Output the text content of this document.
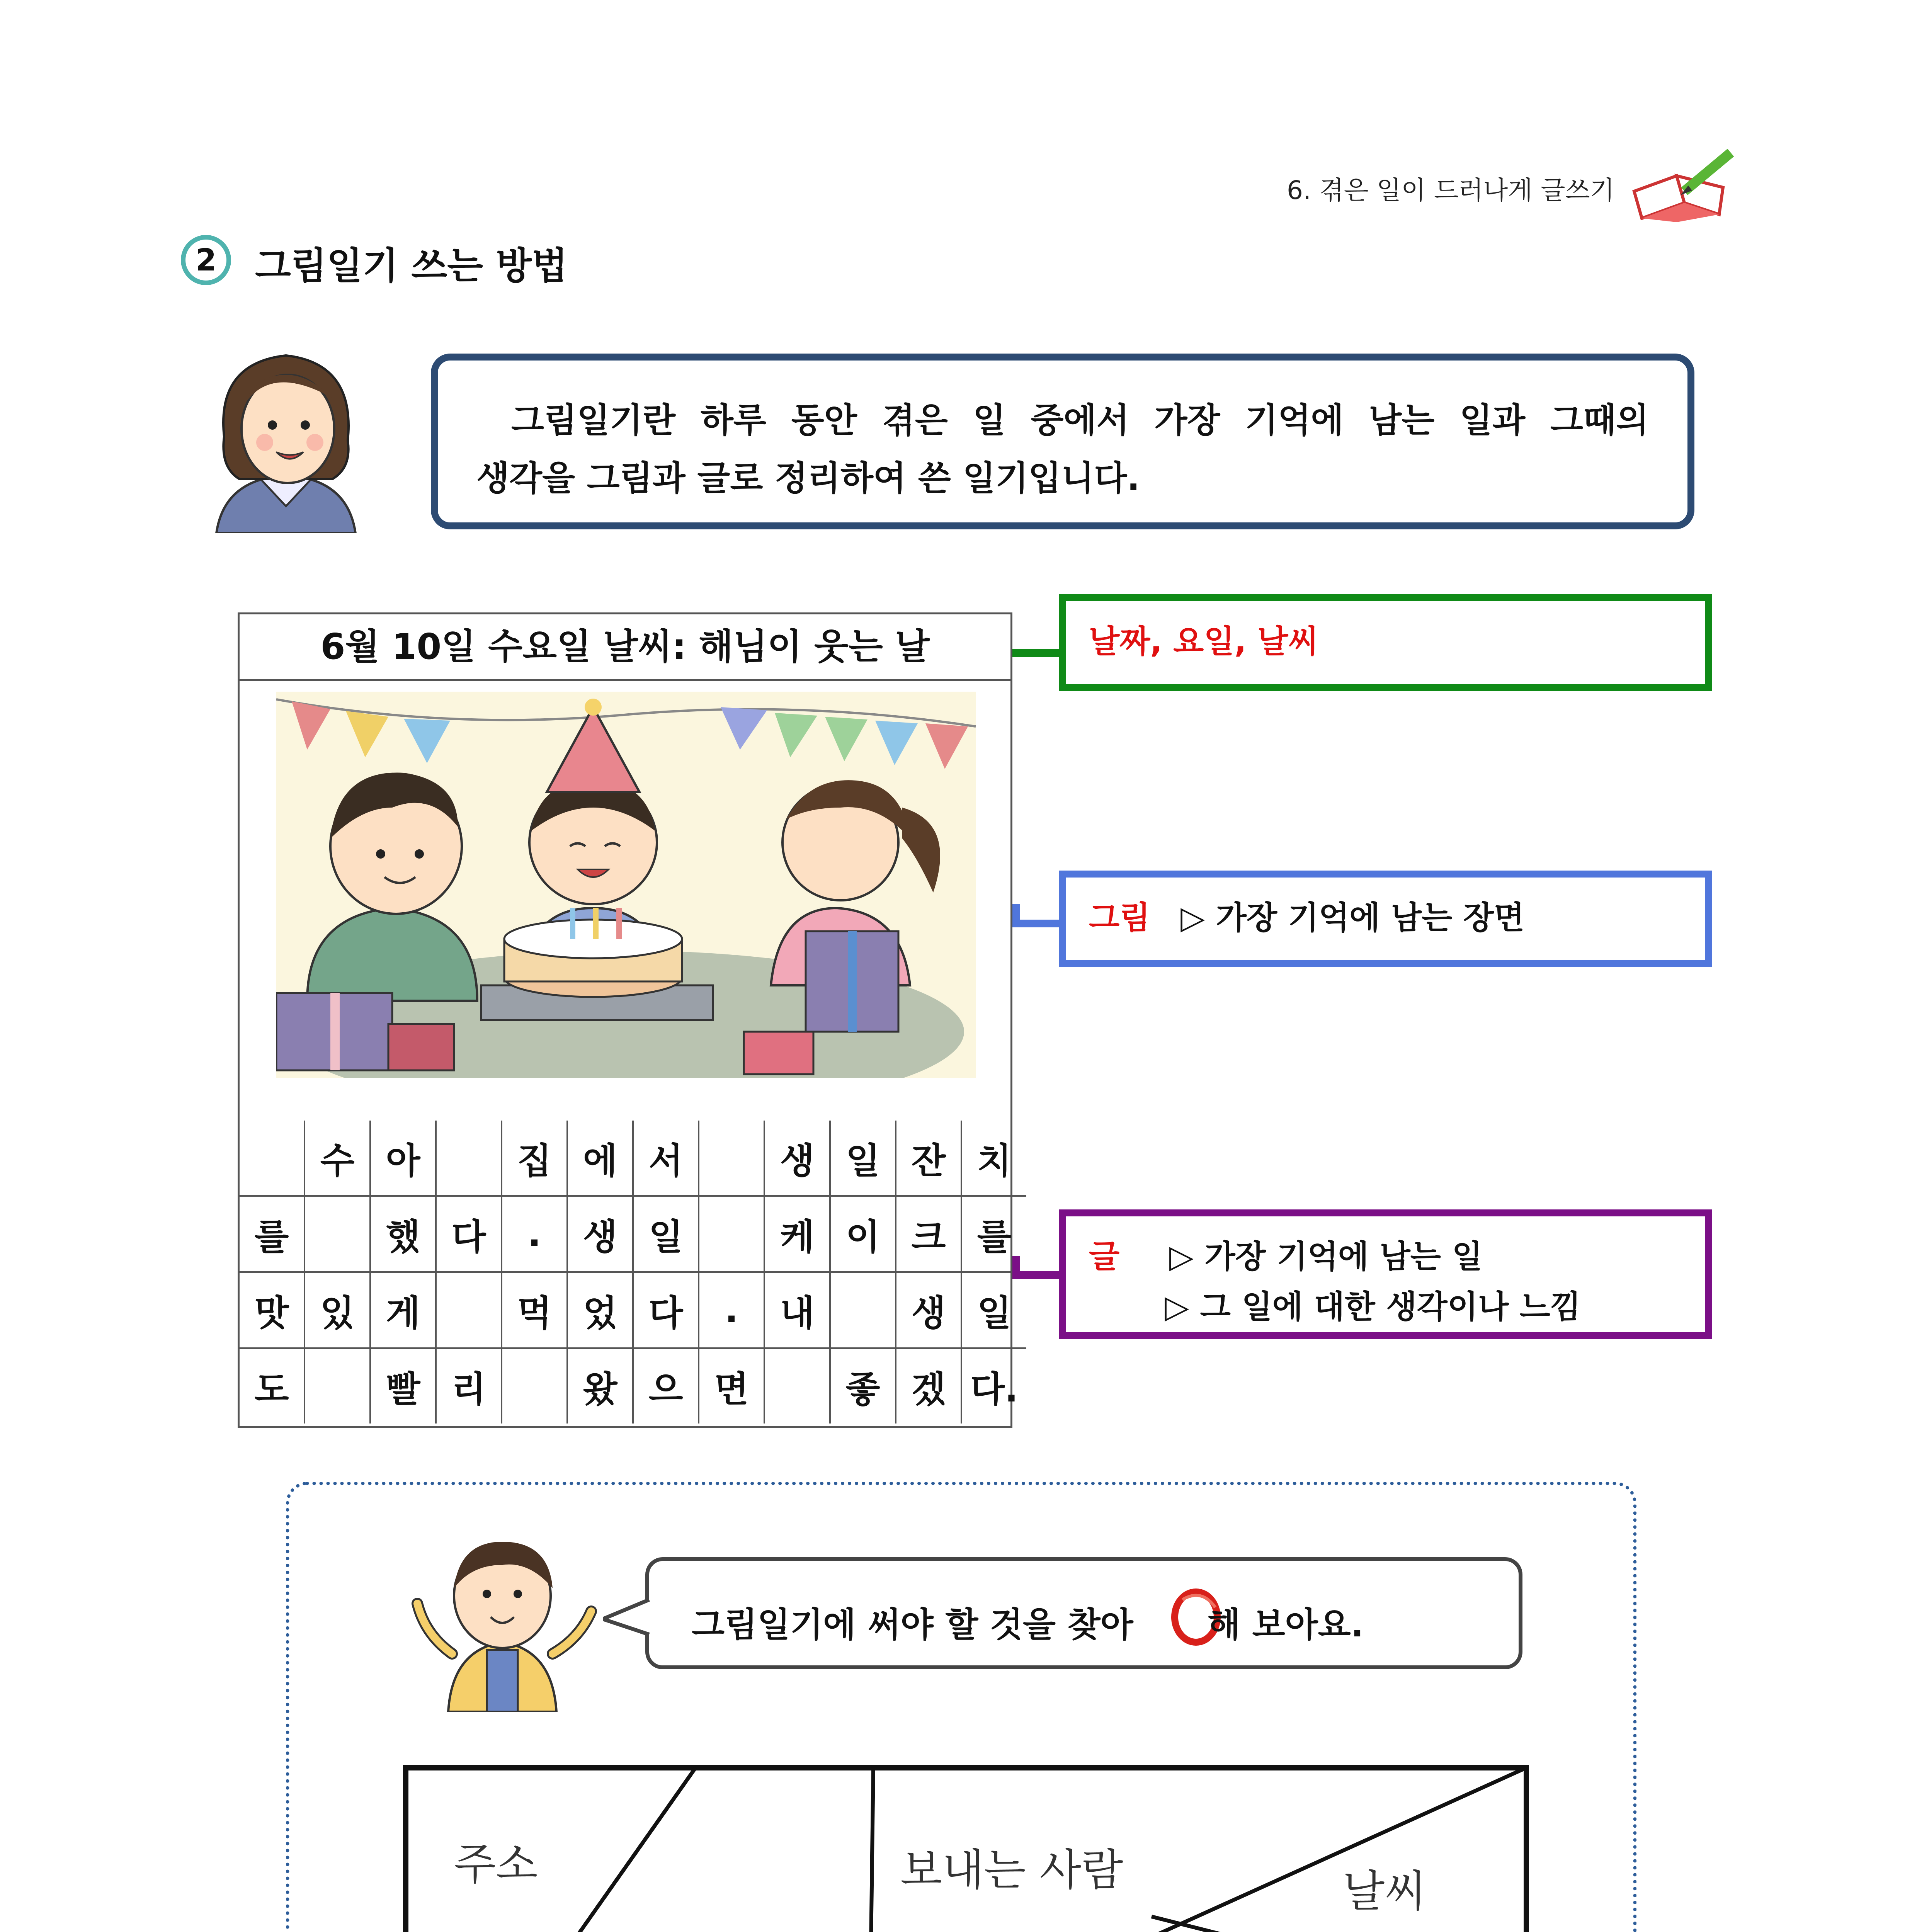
6. 겪은 일이 드러나게 글쓰기
2	그림일기 쓰는 방법

그림일기란 하루 동안 겪은 일 중에서 가장 기억에 남는 일과 그때의

생각을 그림과 글로 정리하여 쓴 일기입니다.

6월 10일 수요일 날씨: 해님이 웃는 날
	수	아		집	에	서		생	일	잔	치
를		했	다	.	생	일		케	이	크	를
맛	있	게		먹	었	다	.	내		생	일
도		빨	리		왔	으	면		좋	겠	다.
날짜, 요일, 날씨
그림 ▷ 가장 기억에 남는 장면
글 ▷ 가장 기억에 남는 일
▷ 그 일에 대한 생각이나 느낌
그림일기에 써야 할 것을 찾아 해 보아요.
주소	보내는 사람	날씨
